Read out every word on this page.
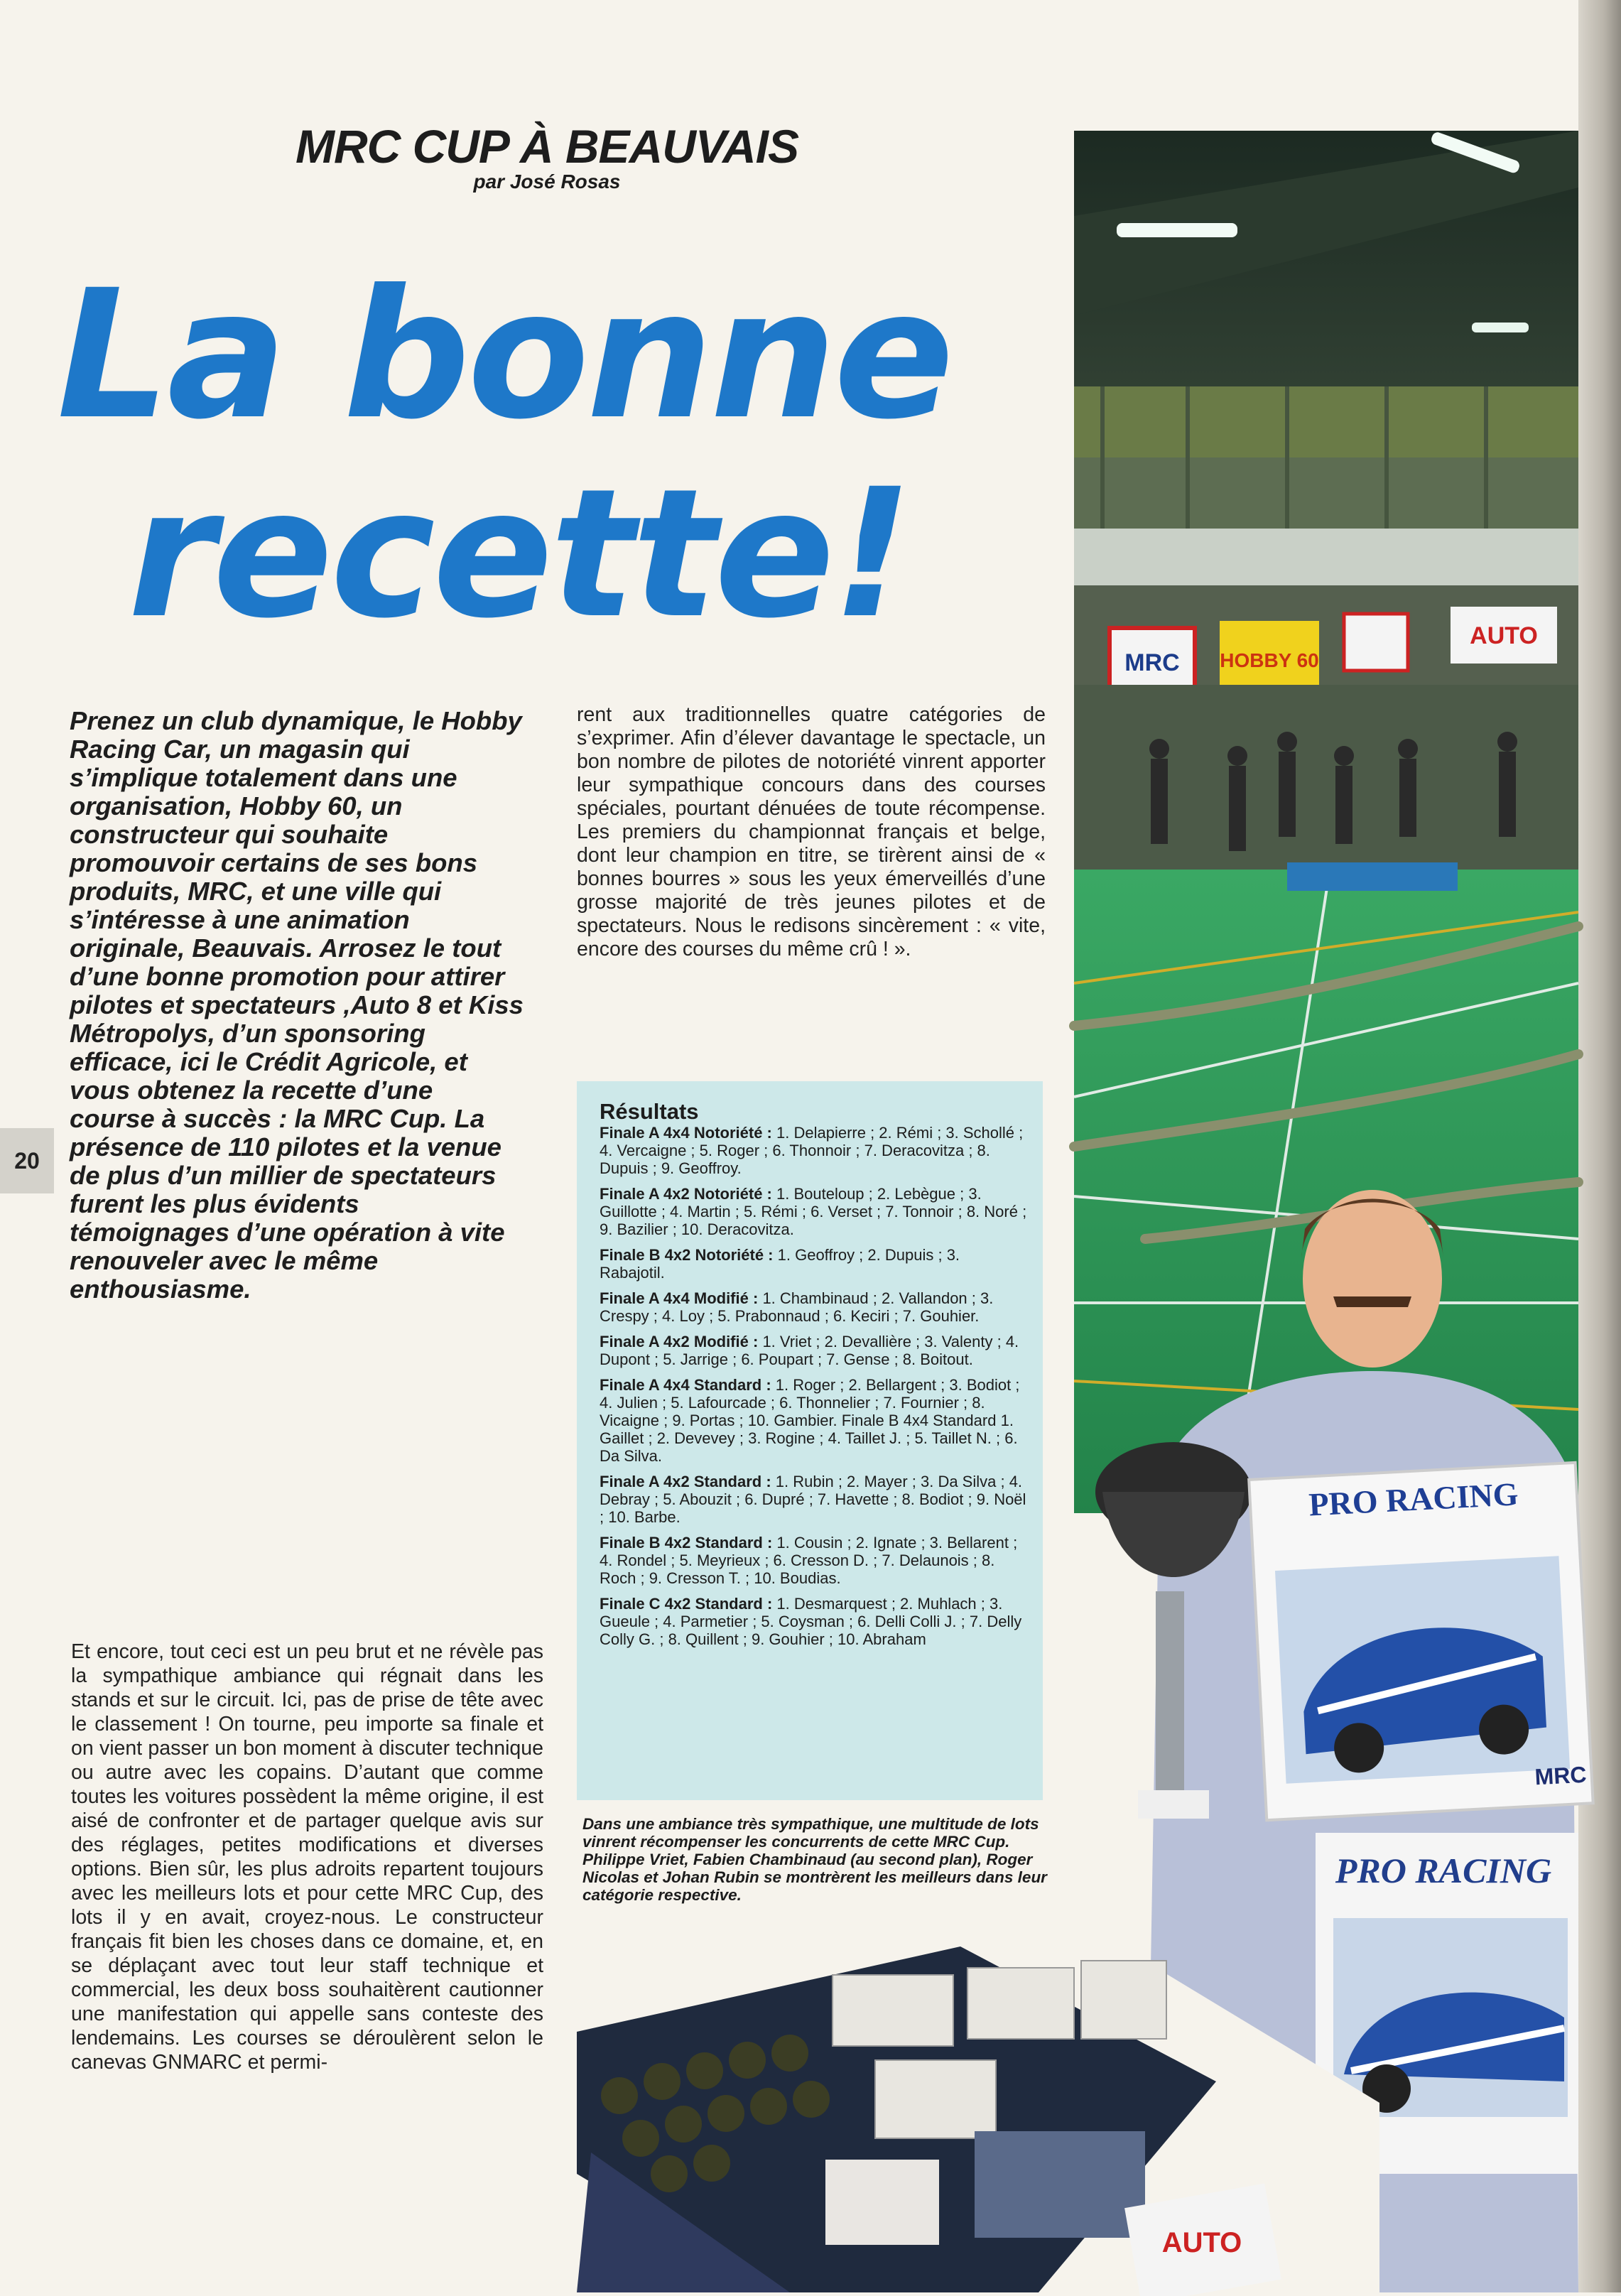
MRC CUP À BEAUVAIS
par José Rosas
La bonne
recette!
Prenez un club dynamique, le Hobby Racing Car, un magasin qui s’implique totalement dans une organisation, Hobby 60, un constructeur qui souhaite promouvoir certains de ses bons produits, MRC, et une ville qui s’intéresse à une animation originale, Beauvais. Arrosez le tout d’une bonne promotion pour attirer pilotes et spectateurs ,Auto 8 et Kiss Métropolys, d’un sponsoring efficace, ici le Crédit Agricole, et vous obtenez la recette d’une course à succès : la MRC Cup. La présence de 110 pilotes et la venue de plus d’un millier de spectateurs furent les plus évidents témoignages d’une opération à vite renouveler avec le même enthousiasme.
20
Et encore, tout ceci est un peu brut et ne révèle pas la sympathique ambiance qui régnait dans les stands et sur le circuit. Ici, pas de prise de tête avec le classement ! On tourne, peu importe sa finale et on vient passer un bon moment à discuter technique ou autre avec les copains. D’autant que comme toutes les voitures possèdent la même origine, il est aisé de confronter et de partager quelque avis sur des réglages, petites modifications et diverses options. Bien sûr, les plus adroits repartent toujours avec les meilleurs lots et pour cette MRC Cup, des lots il y en avait, croyez-nous. Le constructeur français fit bien les choses dans ce domaine, et, en se déplaçant avec tout leur staff technique et commercial, les deux boss souhaitèrent cautionner une manifestation qui appelle sans conteste des lendemains. Les courses se déroulèrent selon le canevas GNMARC et permi-
rent aux traditionnelles quatre catégories de s’exprimer. Afin d’élever davantage le spectacle, un bon nombre de pilotes de notoriété vinrent apporter leur sympathique concours dans des courses spéciales, pourtant dénuées de toute récompense. Les premiers du championnat français et belge, dont leur champion en titre, se tirèrent ainsi de « bonnes bourres » sous les yeux émerveillés d’une grosse majorité de très jeunes pilotes et de spectateurs. Nous le redisons sincèrement : « vite, encore des courses du même crû ! ».
Résultats
Finale A 4x4 Notoriété : 1. Delapierre ; 2. Rémi ; 3. Schollé ; 4. Vercaigne ; 5. Roger ; 6. Thonnoir ; 7. Deracovitza ; 8. Dupuis ; 9. Geoffroy.
Finale A 4x2 Notoriété : 1. Bouteloup ; 2. Lebègue ; 3. Guillotte ; 4. Martin ; 5. Rémi ; 6. Verset ; 7. Tonnoir ; 8. Noré ; 9. Bazilier ; 10. Deracovitza.
Finale B 4x2 Notoriété : 1. Geoffroy ; 2. Dupuis ; 3. Rabajotil.
Finale A 4x4 Modifié : 1. Chambinaud ; 2. Vallandon ; 3. Crespy ; 4. Loy ; 5. Prabonnaud ; 6. Keciri ; 7. Gouhier.
Finale A 4x2 Modifié : 1. Vriet ; 2. Devallière ; 3. Valenty ; 4. Dupont ; 5. Jarrige ; 6. Poupart ; 7. Gense ; 8. Boitout.
Finale A 4x4 Standard : 1. Roger ; 2. Bellargent ; 3. Bodiot ; 4. Julien ; 5. Lafourcade ; 6. Thonnelier ; 7. Fournier ; 8. Vicaigne ; 9. Portas ; 10. Gambier. Finale B 4x4 Standard 1. Gaillet ; 2. Devevey ; 3. Rogine ; 4. Taillet J. ; 5. Taillet N. ; 6. Da Silva.
Finale A 4x2 Standard : 1. Rubin ; 2. Mayer ; 3. Da Silva ; 4. Debray ; 5. Abouzit ; 6. Dupré ; 7. Havette ; 8. Bodiot ; 9. Noël ; 10. Barbe.
Finale B 4x2 Standard : 1. Cousin ; 2. Ignate ; 3. Bellarent ; 4. Rondel ; 5. Meyrieux ; 6. Cresson D. ; 7. Delaunois ; 8. Roch ; 9. Cresson T. ; 10. Boudias.
Finale C 4x2 Standard : 1. Desmarquest ; 2. Muhlach ; 3. Gueule ; 4. Parmetier ; 5. Coysman ; 6. Delli Colli J. ; 7. Delly Colly G. ; 8. Quillent ; 9. Gouhier ; 10. Abraham
Dans une ambiance très sympathique, une multitude de lots vinrent récompenser les concurrents de cette MRC Cup. Philippe Vriet, Fabien Chambinaud (au second plan), Roger Nicolas et Johan Rubin se montrèrent les meilleurs dans leur catégorie respective.
MRC HOBBY 60
AUTO
PRO RACING
MRC
PRO RACING
AUTO
